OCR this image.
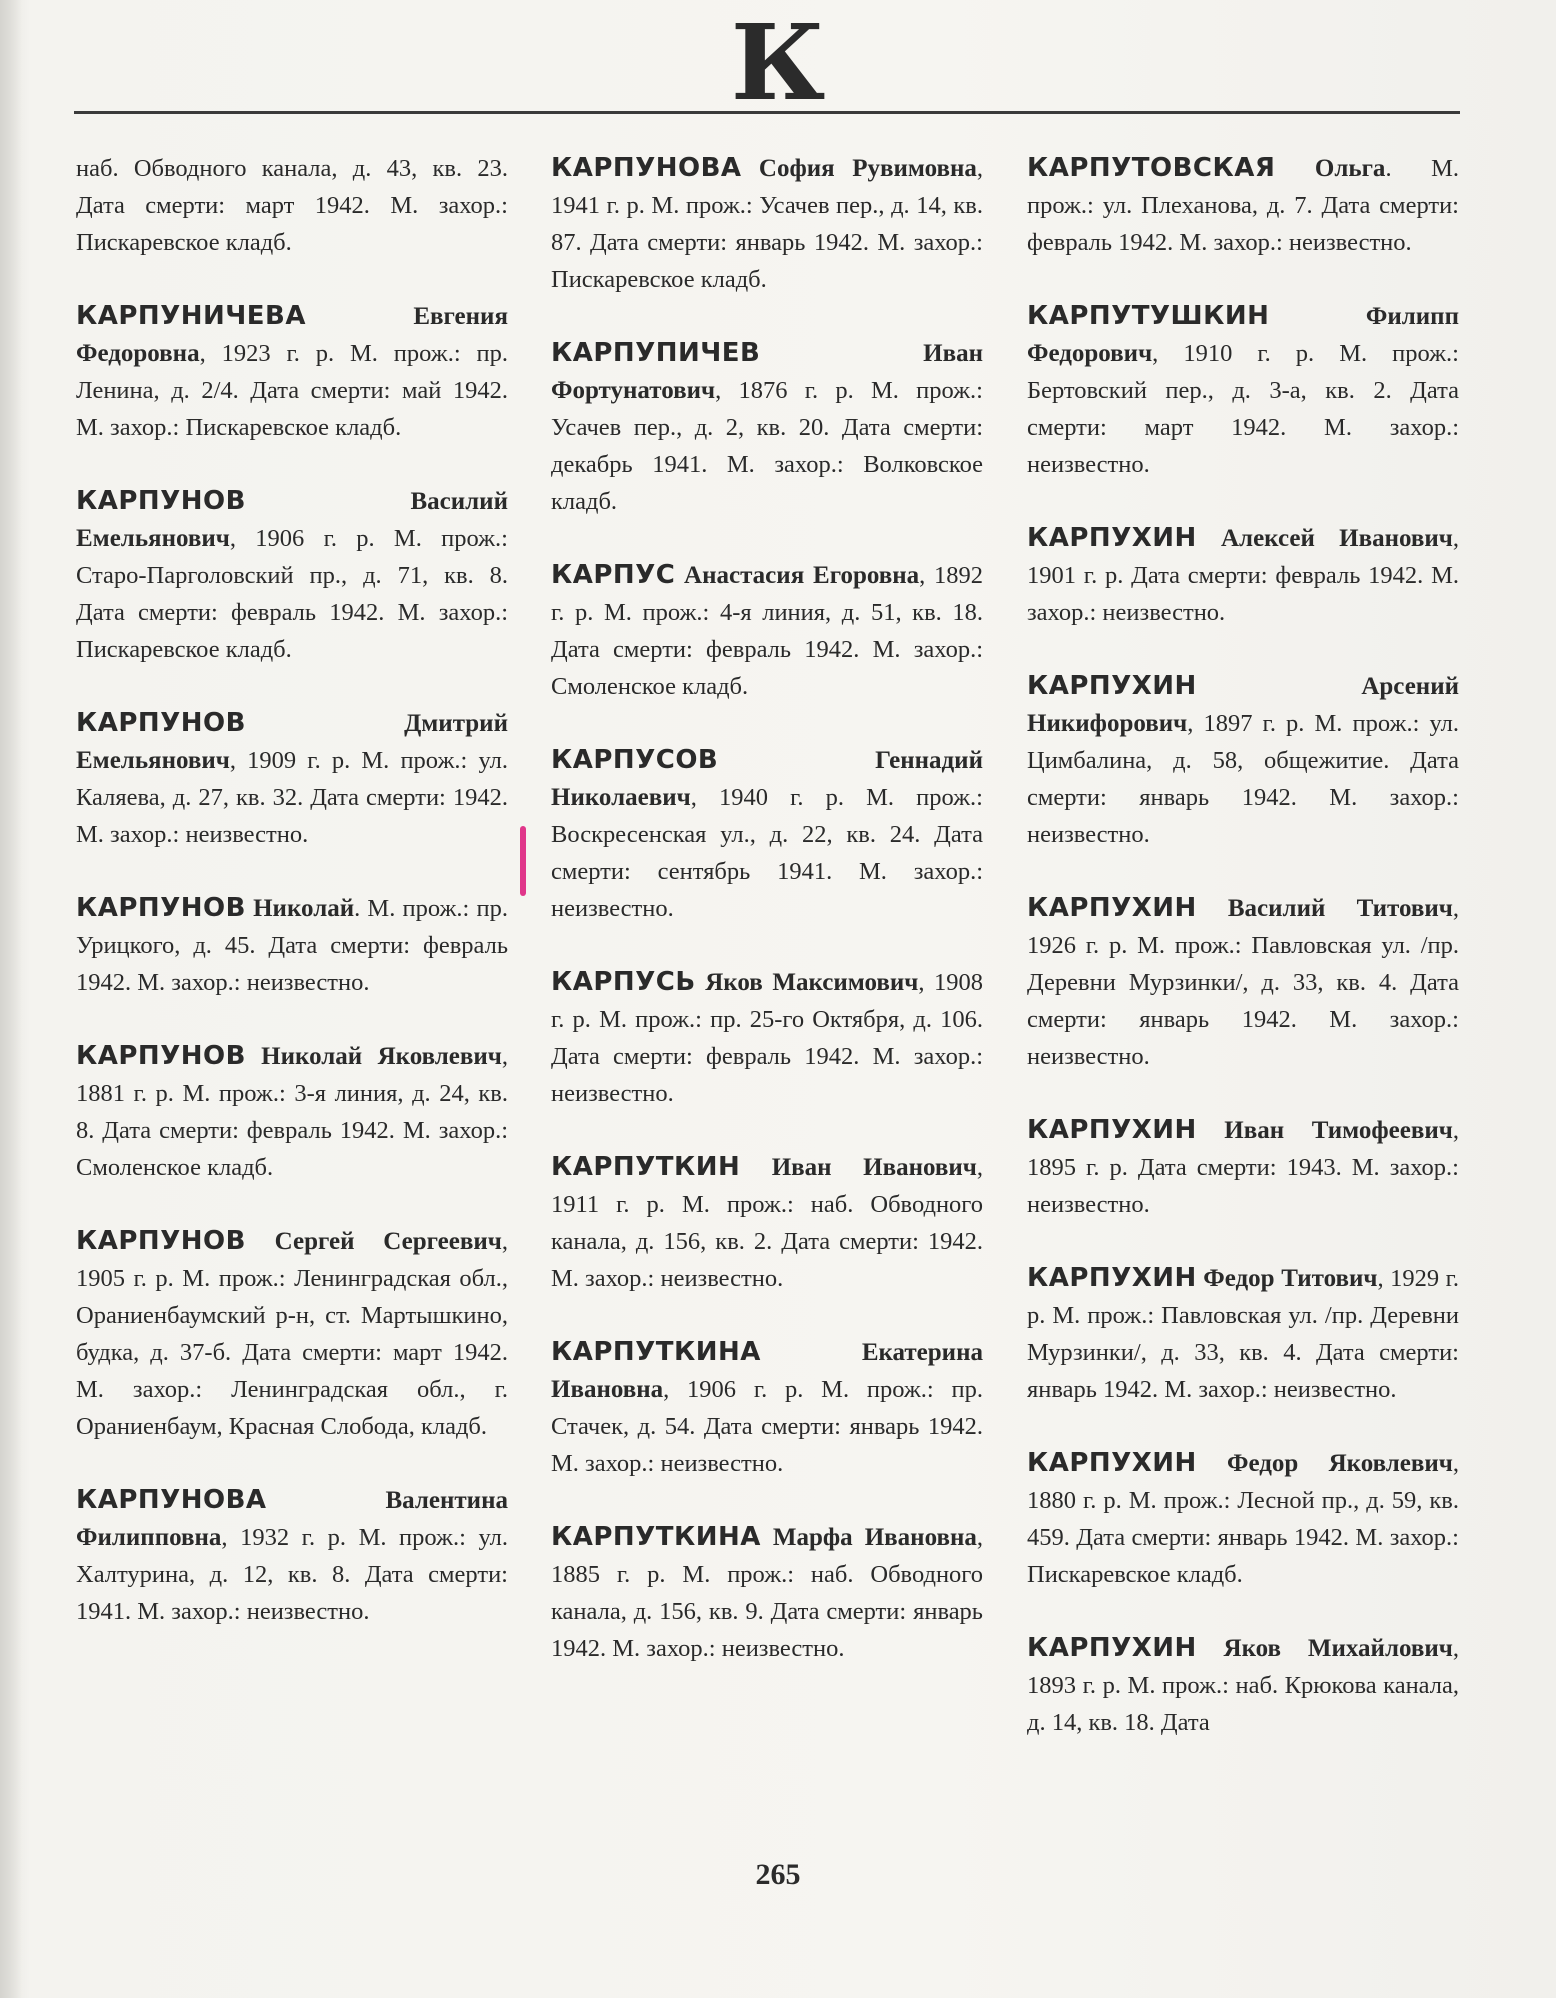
К

наб. Обводного канала, д. 43, кв. 23. Дата смерти: март 1942. М. захор.: Пискаревское кладб.

КАРПУНИЧЕВА	Евгения Федоровна, 1923 г. р. М. прож.: пр. Ленина, д. 2/4. Дата смерти: май 1942. М. захор.: Пискаревское кладб.

КАРПУНОВ	Василий Емельянович, 1906 г. р. М. прож.: Старо-Парголовский пр., д. 71, кв. 8. Дата смерти: февраль 1942. М. захор.: Пискаревское кладб.

КАРПУНОВ	Дмитрий Емельянович, 1909 г. р. М. прож.: ул. Каляева, д. 27, кв. 32. Дата смерти: 1942. М. захор.: неизвестно.

КАРПУНОВ Николай. М. прож.: пр. Урицкого, д. 45. Дата смерти: февраль 1942. М. захор.: неизвестно.

КАРПУНОВ Николай Яковлевич, 1881 г. р. М. прож.: 3-я линия, д. 24, кв. 8. Дата смерти: февраль 1942. М. захор.: Смоленское кладб.

КАРПУНОВ Сергей Сергеевич, 1905 г. р. М. прож.: Ленинградская обл., Ораниенбаумский р-н, ст. Мартышкино, будка, д. 37-б. Дата смерти: март 1942. М. захор.: Ленинградская обл., г. Ораниенбаум, Красная Слобода, кладб.

КАРПУНОВА	Валентина Филипповна, 1932 г. р. М. прож.: ул. Халтурина, д. 12, кв. 8. Дата смерти: 1941. М. захор.: неизвестно.

КАРПУНОВА София Рувимовна, 1941 г. р. М. прож.: Усачев пер., д. 14, кв. 87. Дата смерти: январь 1942. М. захор.: Пискаревское кладб.

КАРПУПИЧЕВ	Иван Фортунатович, 1876 г. р. М. прож.: Усачев пер., д. 2, кв. 20. Дата смерти: декабрь 1941. М. захор.: Волковское кладб.

КАРПУС Анастасия Егоровна, 1892 г. р. М. прож.: 4-я линия, д. 51, кв. 18. Дата смерти: февраль 1942. М. захор.: Смоленское кладб.

КАРПУСОВ	Геннадий Николаевич, 1940 г. р. М. прож.: Воскресенская ул., д. 22, кв. 24. Дата смерти: сентябрь 1941. М. захор.: неизвестно.

КАРПУСЬ Яков Максимович, 1908 г. р. М. прож.: пр. 25-го Октября, д. 106. Дата смерти: февраль 1942. М. захор.: неизвестно.

КАРПУТКИН Иван Иванович, 1911 г. р. М. прож.: наб. Обводного канала, д. 156, кв. 2. Дата смерти: 1942. М. захор.: неизвестно.

КАРПУТКИНА	Екатерина Ивановна, 1906 г. р. М. прож.: пр. Стачек, д. 54. Дата смерти: январь 1942. М. захор.: неизвестно.

КАРПУТКИНА Марфа Ивановна, 1885 г. р. М. прож.: наб. Обводного канала, д. 156, кв. 9. Дата смерти: январь 1942. М. захор.: неизвестно.

КАРПУТОВСКАЯ Ольга. М. прож.: ул. Плеханова, д. 7. Дата смерти: февраль 1942. М. захор.: неизвестно.

КАРПУТУШКИН	Филипп Федорович, 1910 г. р. М. прож.: Бертовский пер., д. 3-а, кв. 2. Дата смерти: март 1942. М. захор.: неизвестно.

КАРПУХИН Алексей Иванович, 1901 г. р. Дата смерти: февраль 1942. М. захор.: неизвестно.

КАРПУХИН	Арсений Никифорович, 1897 г. р. М. прож.: ул. Цимбалина, д. 58, общежитие. Дата смерти: январь 1942. М. захор.: неизвестно.

КАРПУХИН Василий Титович, 1926 г. р. М. прож.: Павловская ул. /пр. Деревни Мурзинки/, д. 33, кв. 4. Дата смерти: январь 1942. М. захор.: неизвестно.

КАРПУХИН Иван Тимофеевич, 1895 г. р. Дата смерти: 1943. М. захор.: неизвестно.

КАРПУХИН Федор Титович, 1929 г. р. М. прож.: Павловская ул. /пр. Деревни Мурзинки/, д. 33, кв. 4. Дата смерти: январь 1942. М. захор.: неизвестно.

КАРПУХИН Федор Яковлевич, 1880 г. р. М. прож.: Лесной пр., д. 59, кв. 459. Дата смерти: январь 1942. М. захор.: Пискаревское кладб.

КАРПУХИН Яков Михайлович, 1893 г. р. М. прож.: наб. Крюкова канала, д. 14, кв. 18. Дата

265
